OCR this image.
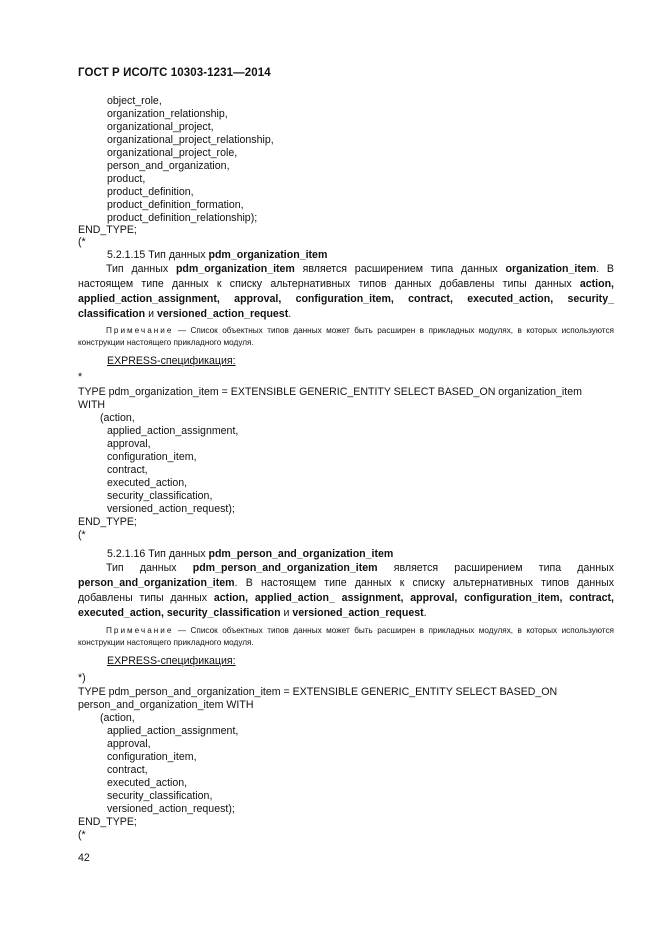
ГОСТ Р ИСО/ТС 10303-1231—2014
object_role,
organization_relationship,
organizational_project,
organizational_project_relationship,
organizational_project_role,
person_and_organization,
product,
product_definition,
product_definition_formation,
product_definition_relationship);
END_TYPE;
(*
5.2.1.15 Тип данных pdm_organization_item
Тип данных pdm_organization_item является расширением типа данных organization_item. В настоящем типе данных к списку альтернативных типов данных добавлены типы данных action, applied_action_assignment, approval, configuration_item, contract, executed_action, security_ classification и versioned_action_request.
Примечание — Список объектных типов данных может быть расширен в прикладных модулях, в которых используются конструкции настоящего прикладного модуля.
EXPRESS-спецификация:
*
TYPE pdm_organization_item = EXTENSIBLE GENERIC_ENTITY SELECT BASED_ON organization_item
WITH
(action,
applied_action_assignment,
approval,
configuration_item,
contract,
executed_action,
security_classification,
versioned_action_request);
END_TYPE;
(*
5.2.1.16 Тип данных pdm_person_and_organization_item
Тип данных pdm_person_and_organization_item является расширением типа данных person_and_organization_item. В настоящем типе данных к списку альтернативных типов данных добавлены типы данных action, applied_action_ assignment, approval, configuration_item, contract, executed_action, security_classification и versioned_action_request.
Примечание — Список объектных типов данных может быть расширен в прикладных модулях, в которых используются конструкции настоящего прикладного модуля.
EXPRESS-спецификация:
*)
TYPE pdm_person_and_organization_item = EXTENSIBLE GENERIC_ENTITY SELECT BASED_ON
person_and_organization_item WITH
(action,
applied_action_assignment,
approval,
configuration_item,
contract,
executed_action,
security_classification,
versioned_action_request);
END_TYPE;
(*
42
